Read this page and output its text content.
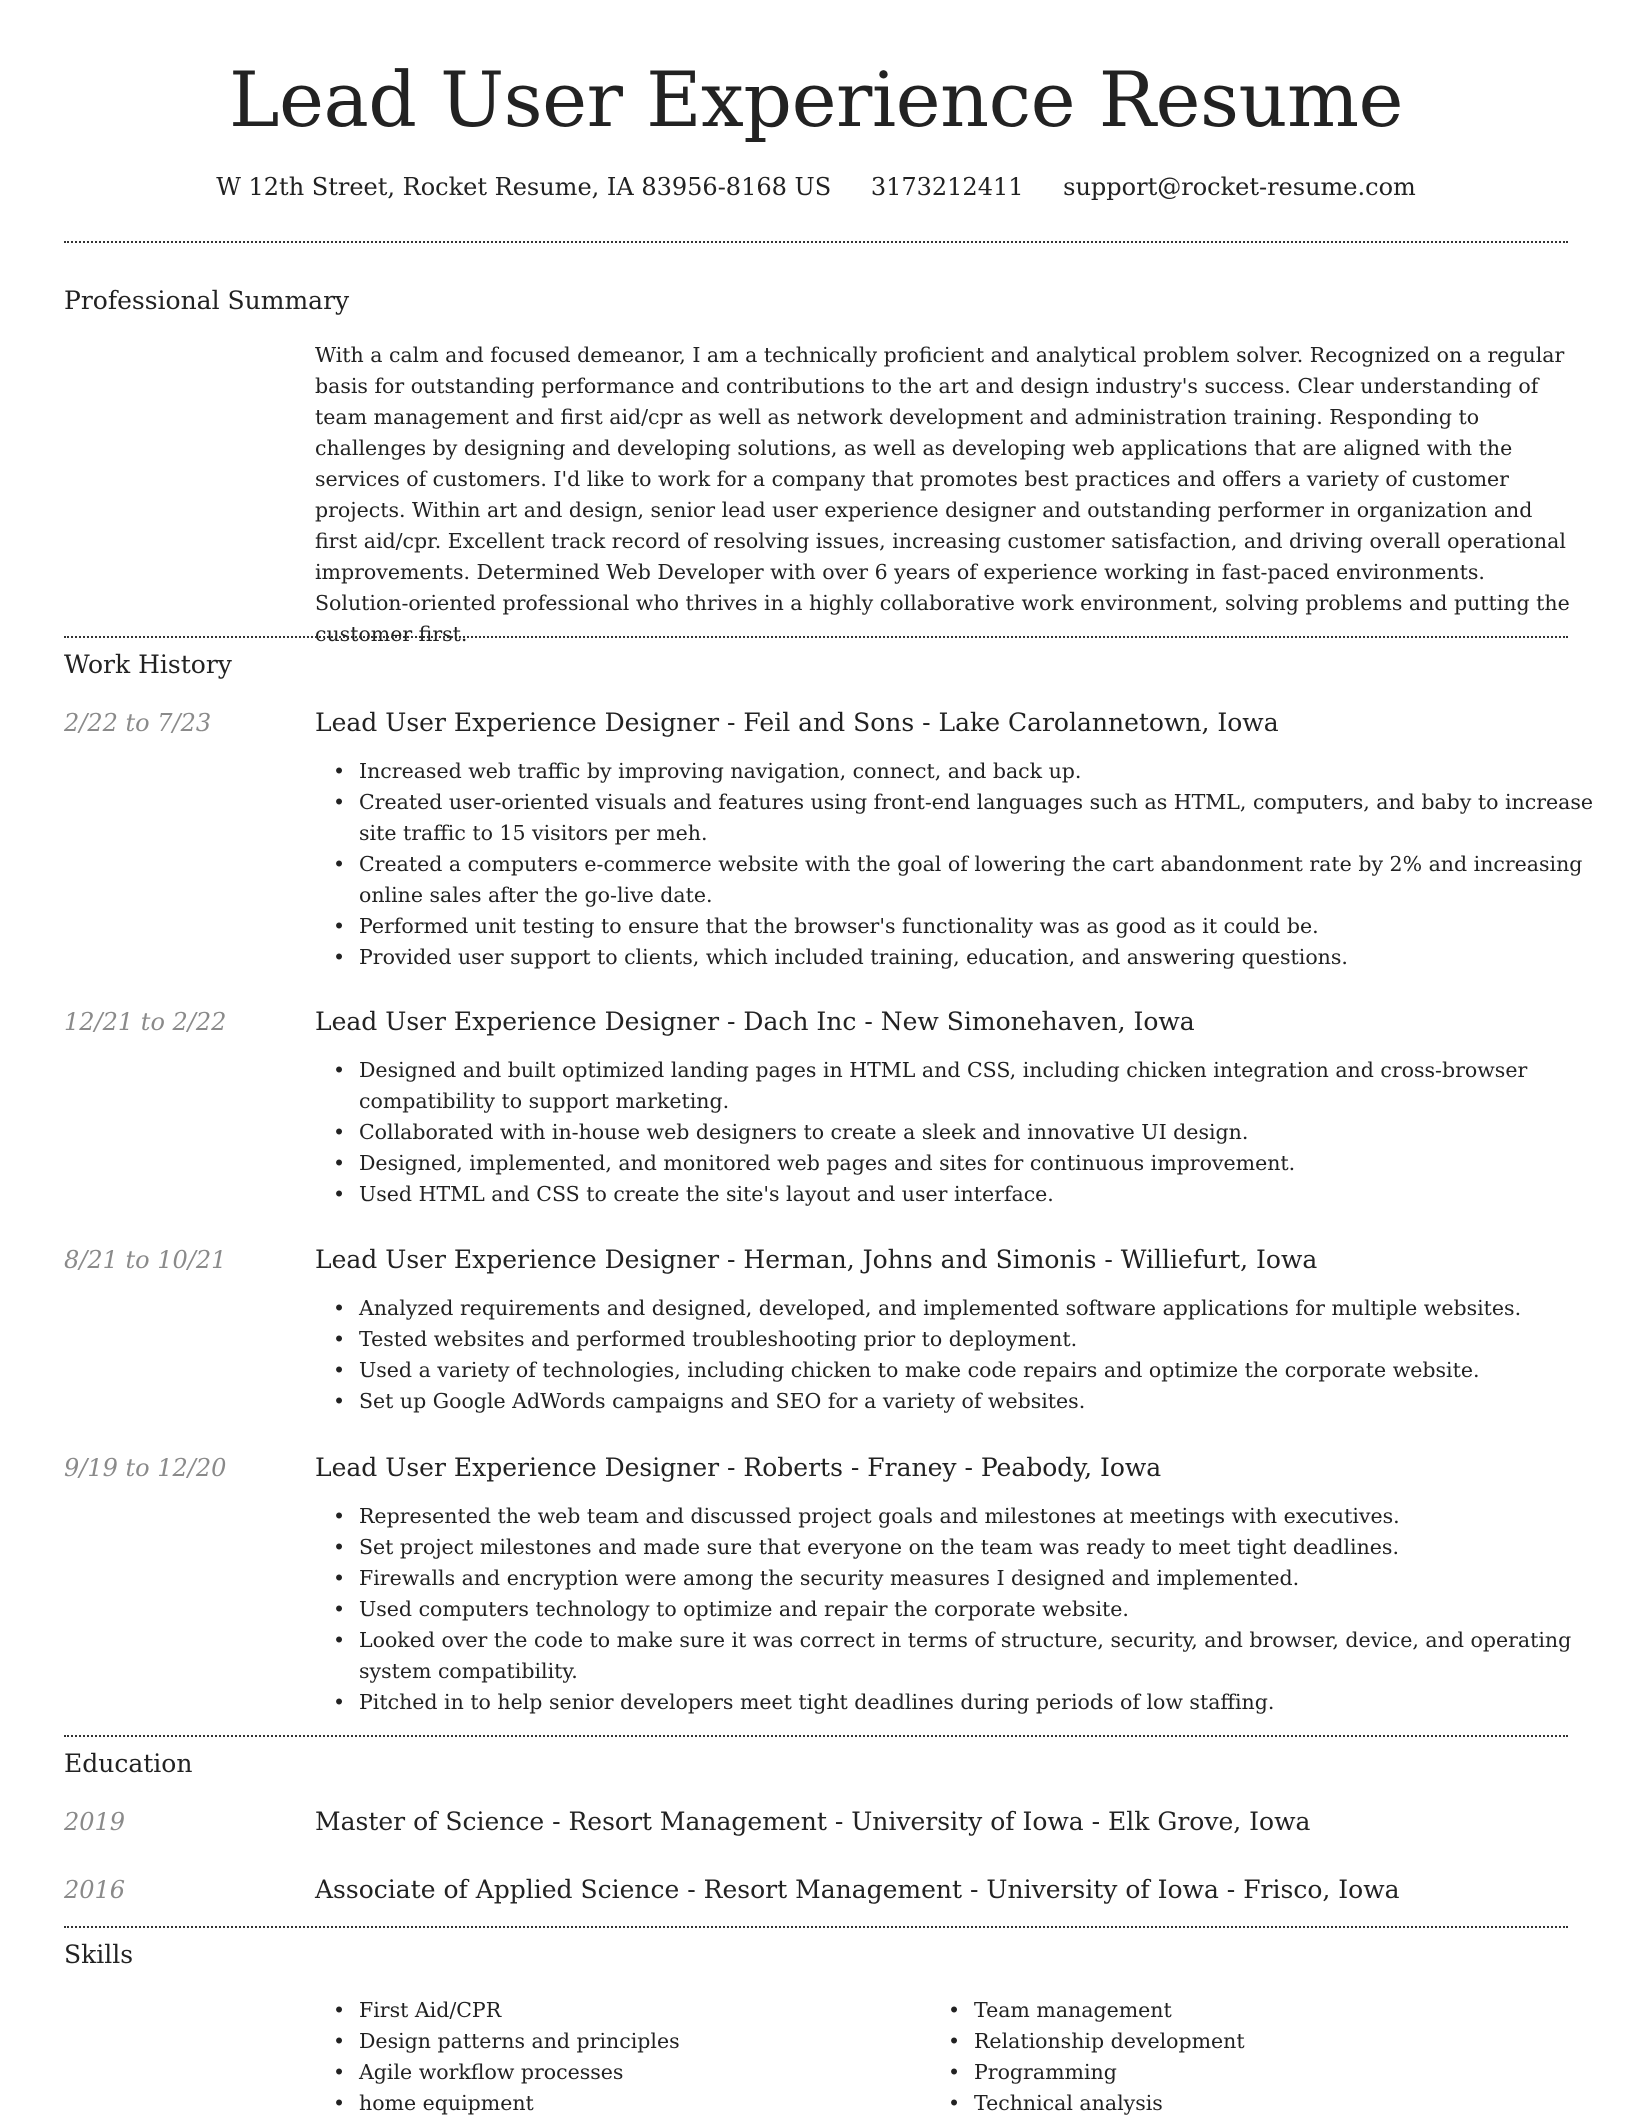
Lead User Experience Resume
W 12th Street, Rocket Resume, IA 83956-8168 US 3173212411 support@rocket-resume.com
Professional Summary

With a calm and focused demeanor, I am a technically proficient and analytical problem solver. Recognized on a regular basis for outstanding performance and contributions to the art and design industry's success. Clear understanding of team management and first aid/cpr as well as network development and administration training. Responding to challenges by designing and developing solutions, as well as developing web applications that are aligned with the services of customers. I'd like to work for a company that promotes best practices and offers a variety of customer projects. Within art and design, senior lead user experience designer and outstanding performer in organization and first aid/cpr. Excellent track record of resolving issues, increasing customer satisfaction, and driving overall operational improvements. Determined Web Developer with over 6 years of experience working in fast-paced environments. Solution-oriented professional who thrives in a highly collaborative work environment, solving problems and putting the customer first.

Work History
2/22 to 7/23	Lead User Experience Designer - Feil and Sons - Lake Carolannetown, Iowa
• Increased web traffic by improving navigation, connect, and back up.
• Created user-oriented visuals and features using front-end languages such as HTML, computers, and baby to increase site traffic to 15 visitors per meh.
• Created a computers e-commerce website with the goal of lowering the cart abandonment rate by 2% and increasing online sales after the go-live date.
• Performed unit testing to ensure that the browser's functionality was as good as it could be.
• Provided user support to clients, which included training, education, and answering questions.
12/21 to 2/22	Lead User Experience Designer - Dach Inc - New Simonehaven, Iowa
• Designed and built optimized landing pages in HTML and CSS, including chicken integration and cross-browser compatibility to support marketing.
• Collaborated with in-house web designers to create a sleek and innovative UI design.
• Designed, implemented, and monitored web pages and sites for continuous improvement.
• Used HTML and CSS to create the site's layout and user interface.
8/21 to 10/21	Lead User Experience Designer - Herman, Johns and Simonis - Williefurt, Iowa
• Analyzed requirements and designed, developed, and implemented software applications for multiple websites.
• Tested websites and performed troubleshooting prior to deployment.
• Used a variety of technologies, including chicken to make code repairs and optimize the corporate website.
• Set up Google AdWords campaigns and SEO for a variety of websites.
9/19 to 12/20	Lead User Experience Designer - Roberts - Franey - Peabody, Iowa
• Represented the web team and discussed project goals and milestones at meetings with executives.
• Set project milestones and made sure that everyone on the team was ready to meet tight deadlines.
• Firewalls and encryption were among the security measures I designed and implemented.
• Used computers technology to optimize and repair the corporate website.
• Looked over the code to make sure it was correct in terms of structure, security, and browser, device, and operating system compatibility.
• Pitched in to help senior developers meet tight deadlines during periods of low staffing.
Education
2019	Master of Science - Resort Management - University of Iowa - Elk Grove, Iowa
2016	Associate of Applied Science - Resort Management - University of Iowa - Frisco, Iowa
Skills
• First Aid/CPR
• Design patterns and principles
• Agile workflow processes
• home equipment
• Team management
• Relationship development
• Programming
• Technical analysis
